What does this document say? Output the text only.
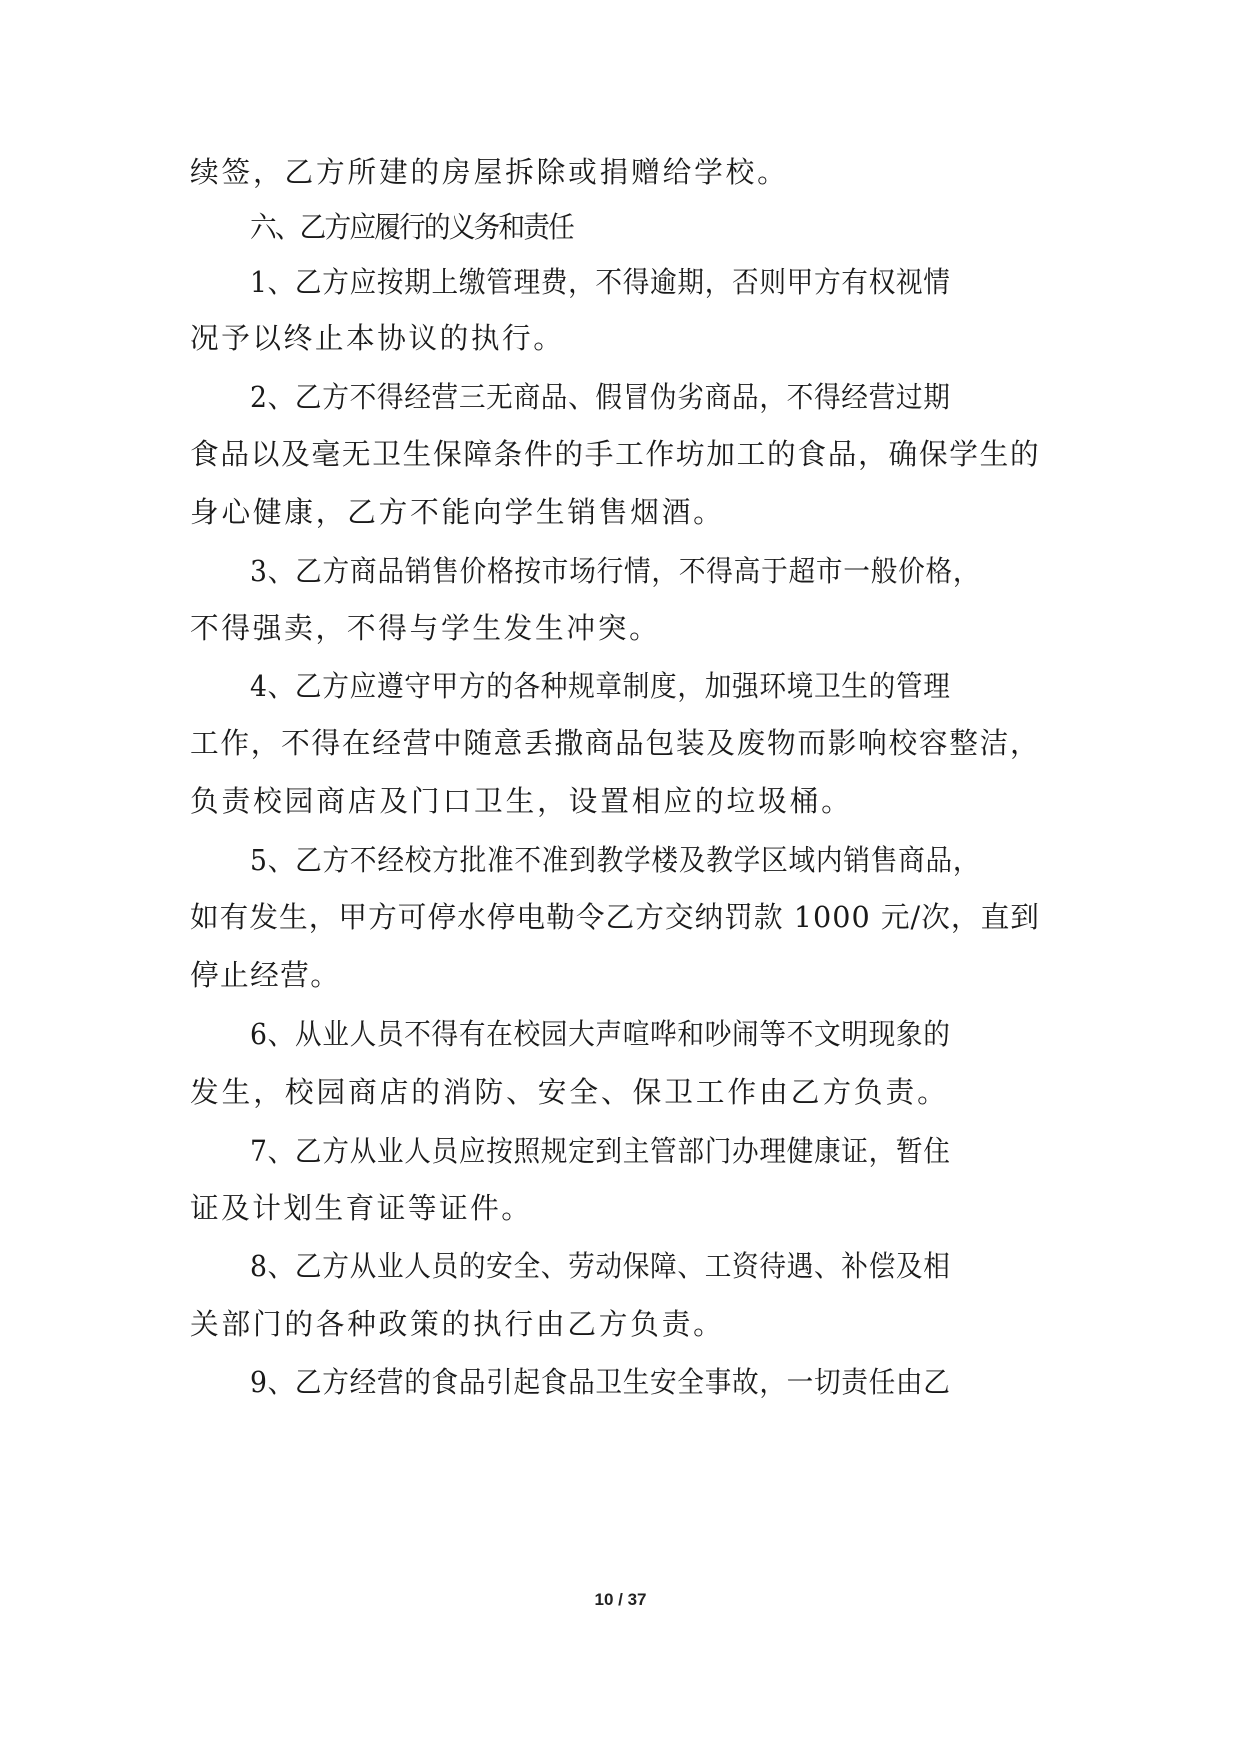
续签，乙方所建的房屋拆除或捐赠给学校。
六、乙方应履行的义务和责任
1、乙方应按期上缴管理费，不得逾期，否则甲方有权视情
况予以终止本协议的执行。
2、乙方不得经营三无商品、假冒伪劣商品，不得经营过期
食品以及毫无卫生保障条件的手工作坊加工的食品，确保学生的
身心健康，乙方不能向学生销售烟酒。
3、乙方商品销售价格按市场行情，不得高于超市一般价格，
不得强卖，不得与学生发生冲突。
4、乙方应遵守甲方的各种规章制度，加强环境卫生的管理
工作，不得在经营中随意丢撒商品包装及废物而影响校容整洁，
负责校园商店及门口卫生，设置相应的垃圾桶。
5、乙方不经校方批准不准到教学楼及教学区域内销售商品，
如有发生，甲方可停水停电勒令乙方交纳罚款 1000 元/次，直到
停止经营。
6、从业人员不得有在校园大声喧哗和吵闹等不文明现象的
发生，校园商店的消防、安全、保卫工作由乙方负责。
7、乙方从业人员应按照规定到主管部门办理健康证，暂住
证及计划生育证等证件。
8、乙方从业人员的安全、劳动保障、工资待遇、补偿及相
关部门的各种政策的执行由乙方负责。
9、乙方经营的食品引起食品卫生安全事故，一切责任由乙
10 / 37
